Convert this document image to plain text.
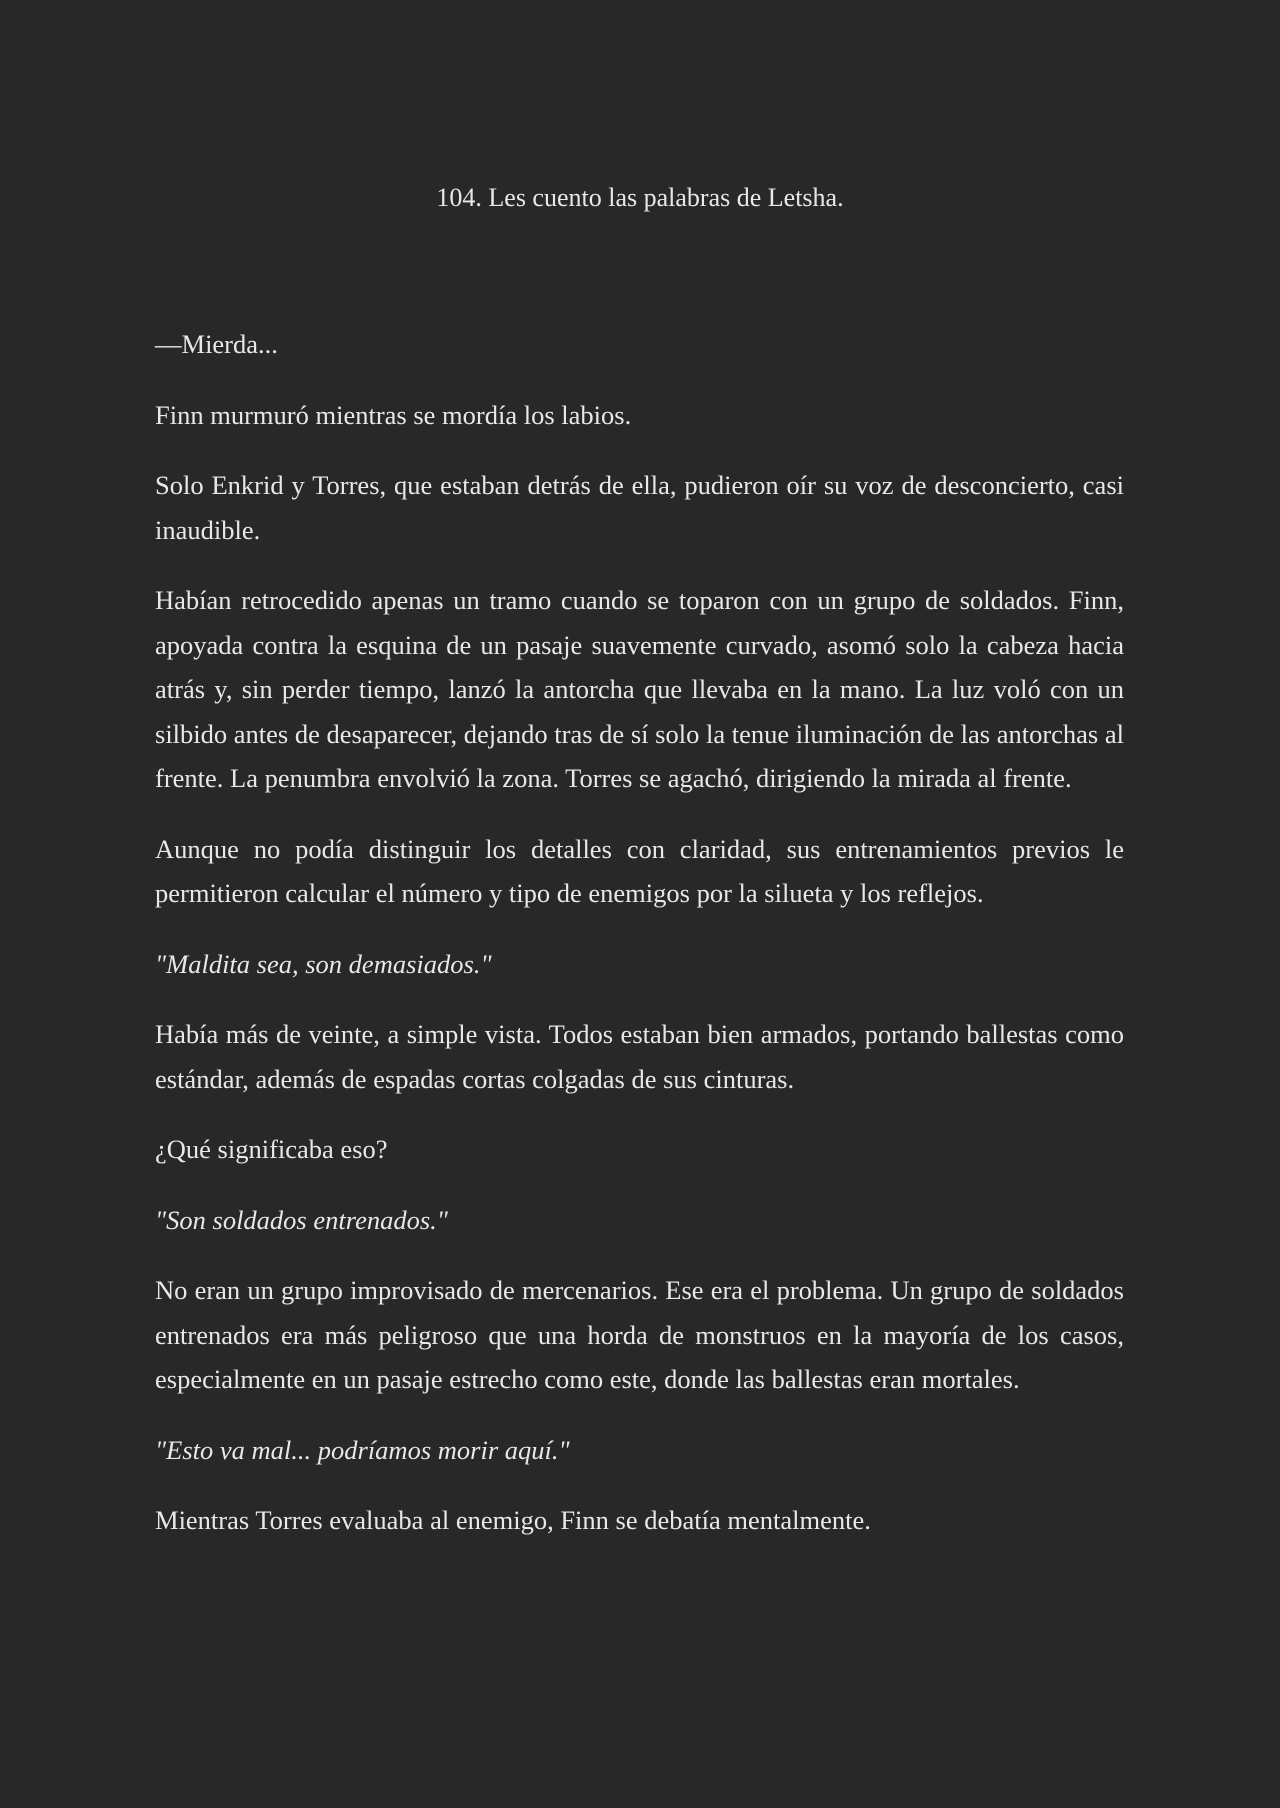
104. Les cuento las palabras de Letsha.

—Mierda...

Finn murmuró mientras se mordía los labios.

Solo Enkrid y Torres, que estaban detrás de ella, pudieron oír su voz de desconcierto, casi inaudible.

Habían retrocedido apenas un tramo cuando se toparon con un grupo de soldados. Finn, apoyada contra la esquina de un pasaje suavemente curvado, asomó solo la cabeza hacia atrás y, sin perder tiempo, lanzó la antorcha que llevaba en la mano. La luz voló con un silbido antes de desaparecer, dejando tras de sí solo la tenue iluminación de las antorchas al frente. La penumbra envolvió la zona. Torres se agachó, dirigiendo la mirada al frente.

Aunque no podía distinguir los detalles con claridad, sus entrenamientos previos le permitieron calcular el número y tipo de enemigos por la silueta y los reflejos.

"Maldita sea, son demasiados."

Había más de veinte, a simple vista. Todos estaban bien armados, portando ballestas como estándar, además de espadas cortas colgadas de sus cinturas.

¿Qué significaba eso?

"Son soldados entrenados."

No eran un grupo improvisado de mercenarios. Ese era el problema. Un grupo de soldados entrenados era más peligroso que una horda de monstruos en la mayoría de los casos, especialmente en un pasaje estrecho como este, donde las ballestas eran mortales.

"Esto va mal... podríamos morir aquí."

Mientras Torres evaluaba al enemigo, Finn se debatía mentalmente.
